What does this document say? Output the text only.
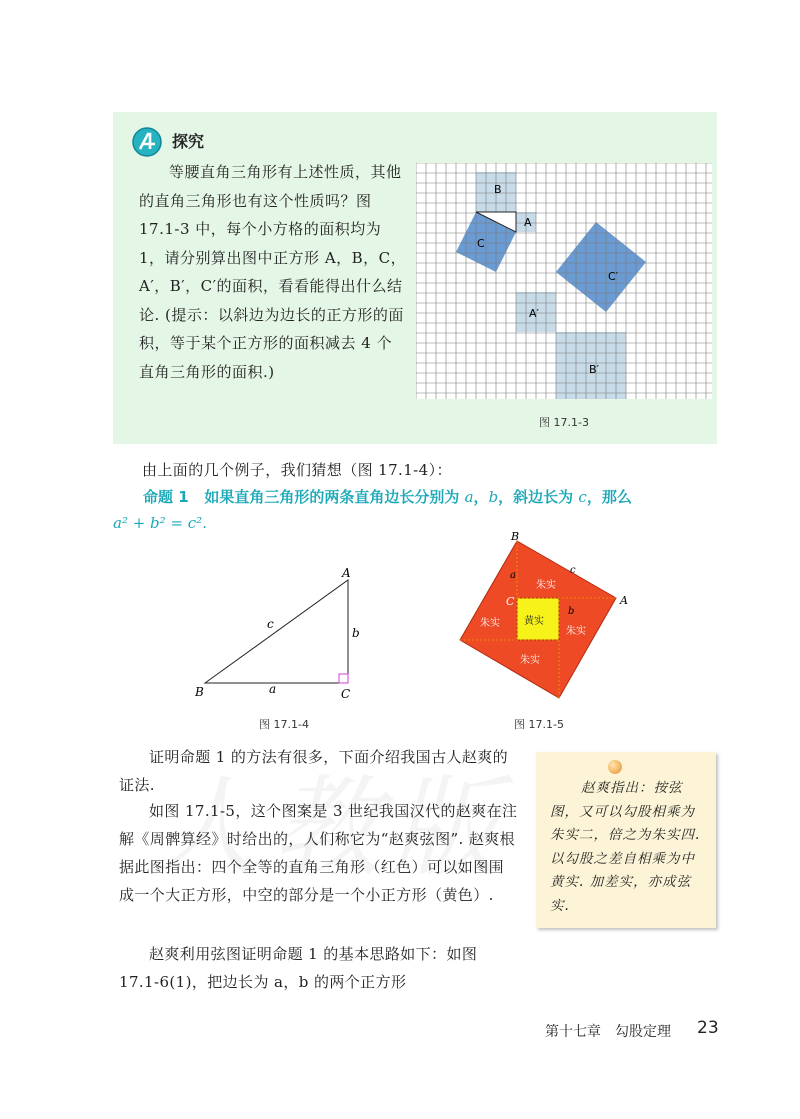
探究
等腰直角三角形有上述性质，其他的直角三角形也有这个性质吗？图 17.1-3 中，每个小方格的面积均为 1，请分别算出图中正方形 A，B，C，A′，B′，C′的面积，看看能得出什么结论. (提示：以斜边为边长的正方形的面积，等于某个正方形的面积减去 4 个直角三角形的面积.)
B
A
C
C′
A′
B′
图 17.1-3
由上面的几个例子，我们猜想（图 17.1-4）：
命题 1 如果直角三角形的两条直角边长分别为 a，b，斜边长为 c，那么
a² + b² = c².
B
A
C
a
b
c
图 17.1-4
B
A
C
a
b
c
朱实
朱实
朱实
朱实
黄实
图 17.1-5
证明命题 1 的方法有很多，下面介绍我国古人赵爽的证法.
如图 17.1-5，这个图案是 3 世纪我国汉代的赵爽在注解《周髀算经》时给出的，人们称它为“赵爽弦图”. 赵爽根据此图指出：四个全等的直角三角形（红色）可以如图围成一个大正方形，中空的部分是一个小正方形（黄色）.
赵爽利用弦图证明命题 1 的基本思路如下：如图 17.1-6(1)，把边长为 a，b 的两个正方形
赵爽指出：按弦图，又可以勾股相乘为朱实二，倍之为朱实四. 以勾股之差自相乘为中黄实. 加差实，亦成弦实.
第十七章　勾股定理 23
